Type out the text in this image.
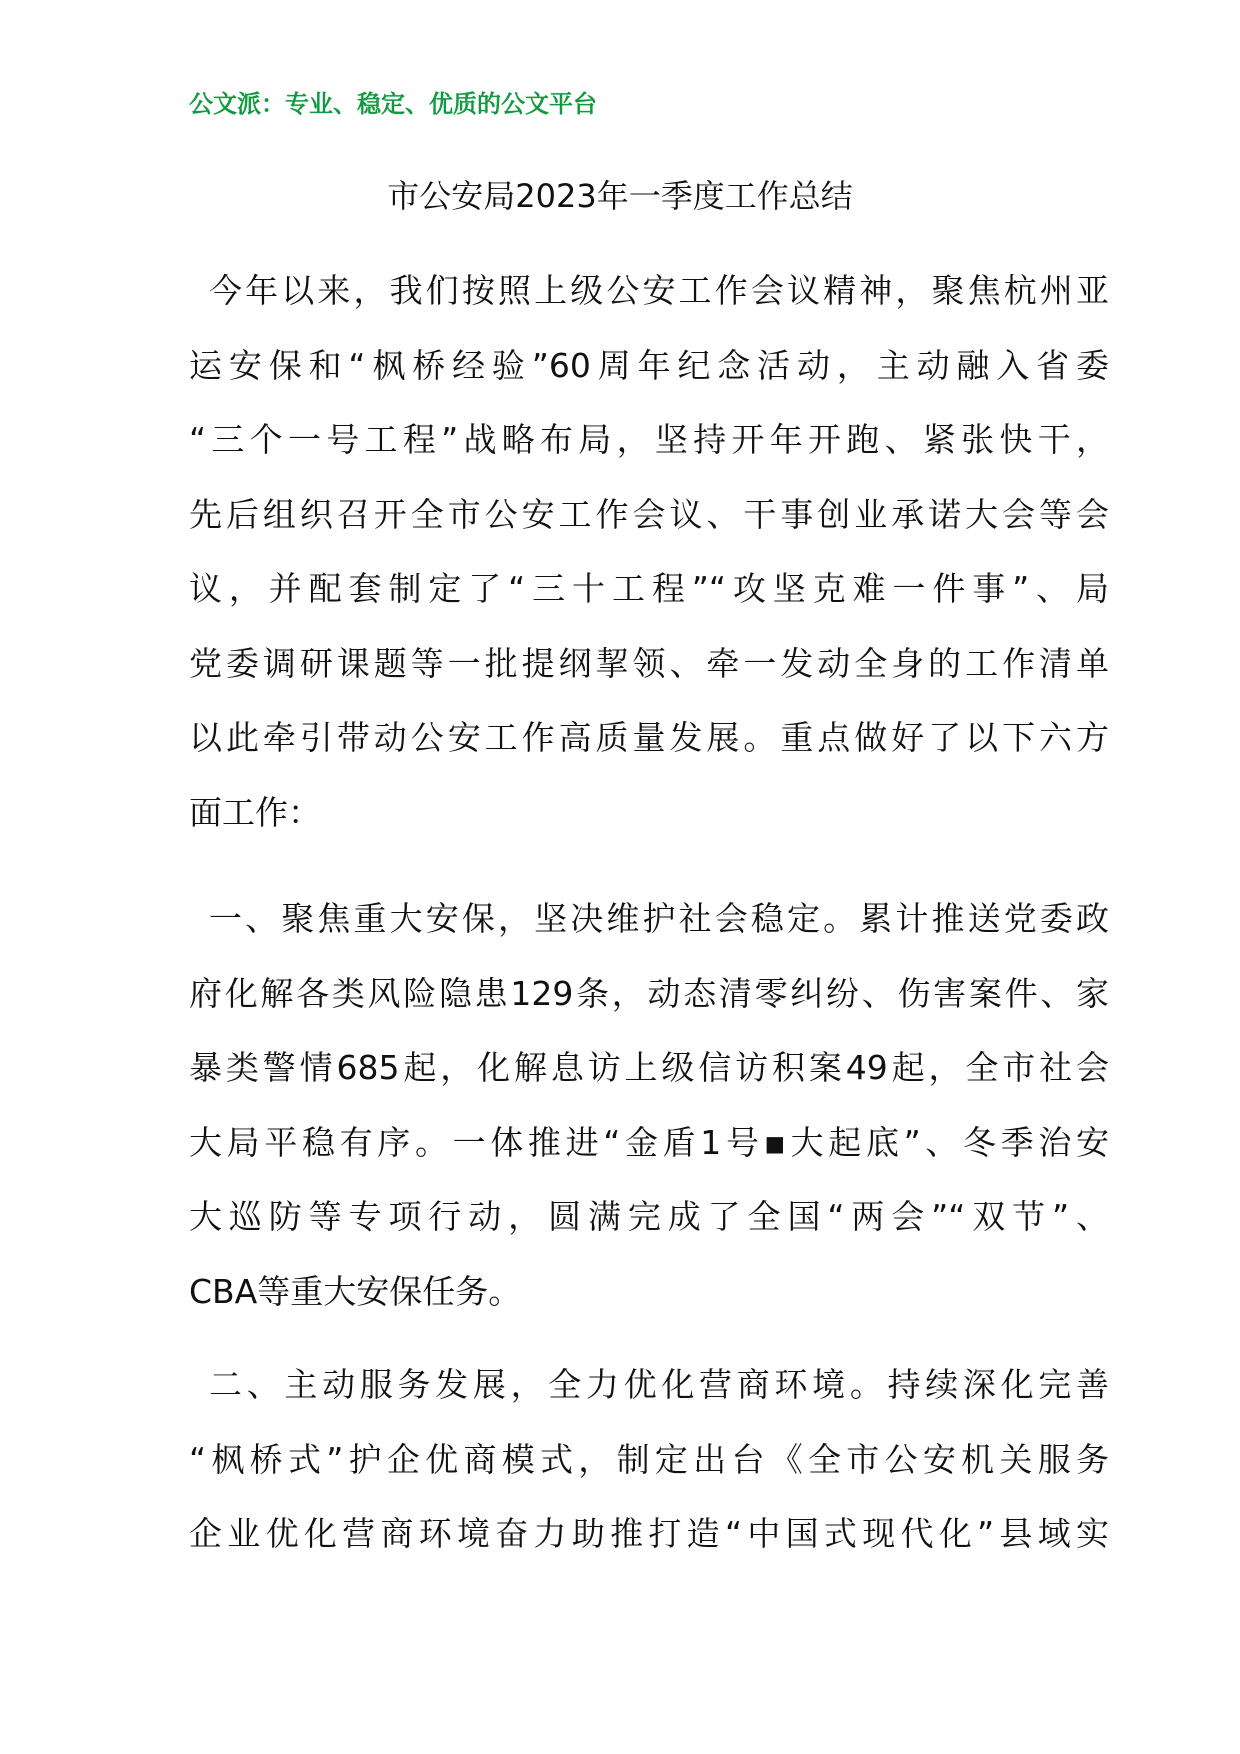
公文派：专业、稳定、优质的公文平台
市公安局2023年一季度工作总结
今年以来，我们按照上级公安工作会议精神，聚焦杭州亚
运安保和“枫桥经验”60周年纪念活动，主动融入省委
“三个一号工程”战略布局，坚持开年开跑、紧张快干，
先后组织召开全市公安工作会议、干事创业承诺大会等会
议，并配套制定了“三十工程”“攻坚克难一件事”、局
党委调研课题等一批提纲挈领、牵一发动全身的工作清单
以此牵引带动公安工作高质量发展。重点做好了以下六方
面工作：
一、聚焦重大安保，坚决维护社会稳定。累计推送党委政
府化解各类风险隐患129条，动态清零纠纷、伤害案件、家
暴类警情685起，化解息访上级信访积案49起，全市社会
大局平稳有序。一体推进“金盾1号▪大起底”、冬季治安
大巡防等专项行动，圆满完成了全国“两会”“双节”、
CBA等重大安保任务。
二、主动服务发展，全力优化营商环境。持续深化完善
“枫桥式”护企优商模式，制定出台《全市公安机关服务
企业优化营商环境奋力助推打造“中国式现代化”县域实
